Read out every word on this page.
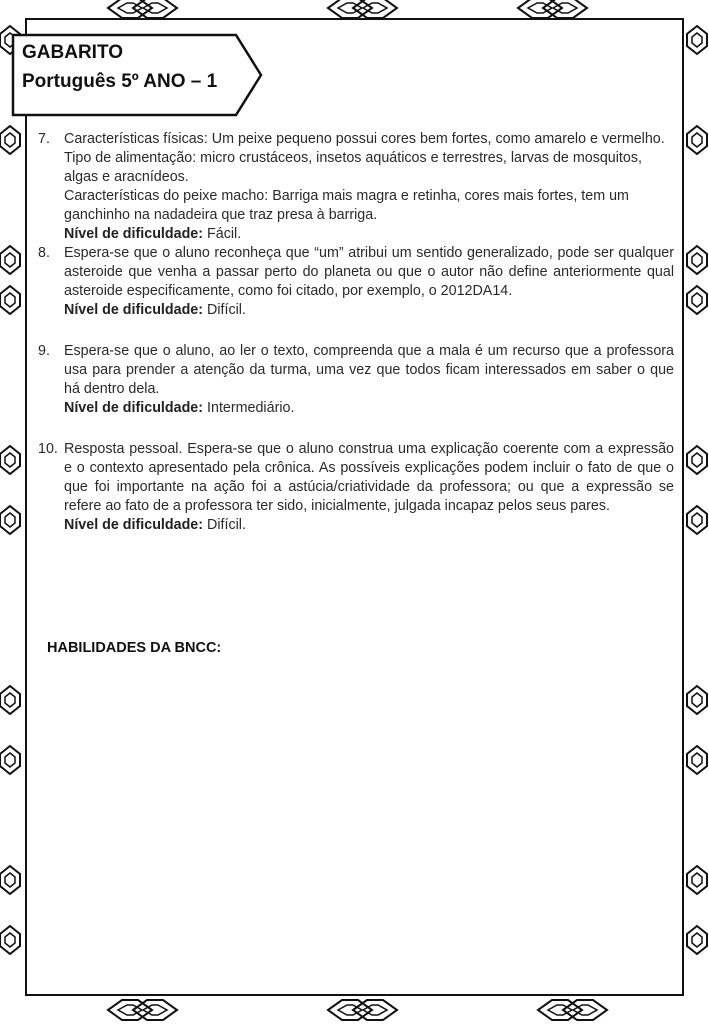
GABARITO
Português 5º ANO – 1
7. Características físicas: Um peixe pequeno possui cores bem fortes, como amarelo e vermelho.

Tipo de alimentação: micro crustáceos, insetos aquáticos e terrestres, larvas de mosquitos, algas e aracnídeos.

Características do peixe macho: Barriga mais magra e retinha, cores mais fortes, tem um ganchinho na nadadeira que traz presa à barriga.

Nível de dificuldade: Fácil.

8. Espera-se que o aluno reconheça que “um” atribui um sentido generalizado, pode ser qualquer asteroide que venha a passar perto do planeta ou que o autor não define anteriormente qual asteroide especificamente, como foi citado, por exemplo, o 2012DA14.

Nível de dificuldade: Difícil.

9. Espera-se que o aluno, ao ler o texto, compreenda que a mala é um recurso que a professora usa para prender a atenção da turma, uma vez que todos ficam interessados em saber o que há dentro dela.

Nível de dificuldade: Intermediário.

10. Resposta pessoal. Espera-se que o aluno construa uma explicação coerente com a expressão e o contexto apresentado pela crônica. As possíveis explicações podem incluir o fato de que o que foi importante na ação foi a astúcia/criatividade da professora; ou que a expressão se refere ao fato de a professora ter sido, inicialmente, julgada incapaz pelos seus pares.

Nível de dificuldade: Difícil.

HABILIDADES DA BNCC:
